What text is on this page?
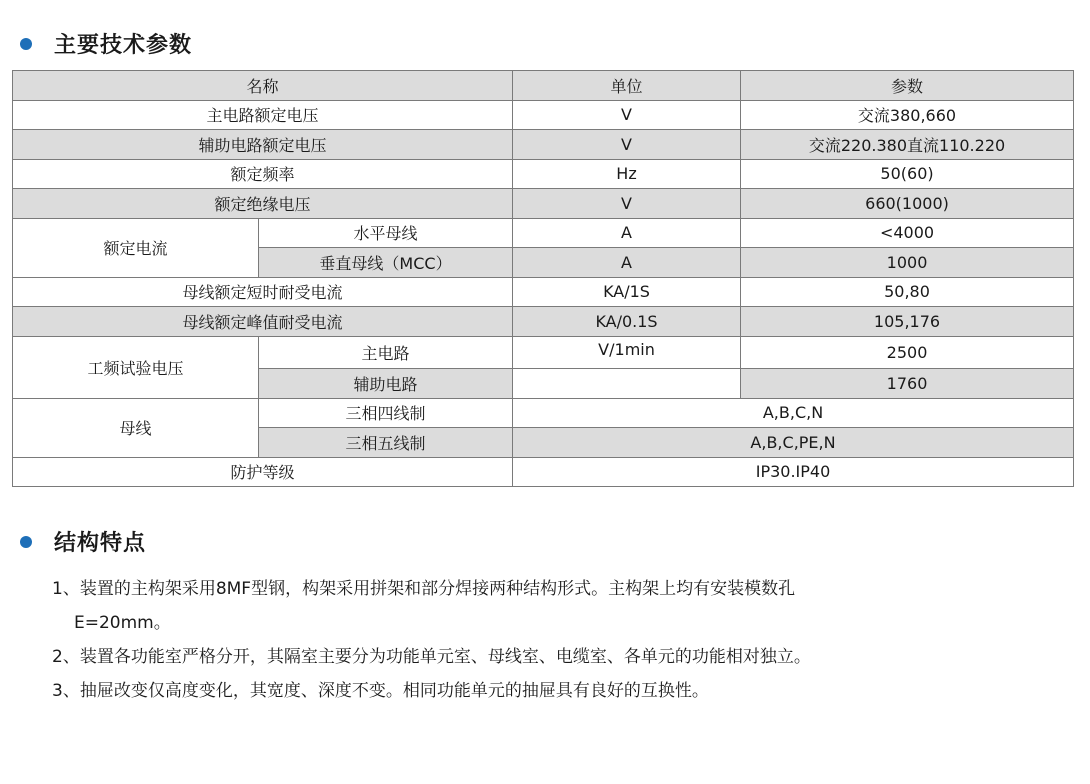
主要技术参数
名称		单位	参数
主电路额定电压		V	交流380,660
辅助电路额定电压		V	交流220.380直流110.220
额定频率		Hz	50(60)
额定绝缘电压		V	660(1000)
额定电流	水平母线	A	<4000
	垂直母线（MCC）	A	1000
母线额定短时耐受电流		KA/1S	50,80
母线额定峰值耐受电流		KA/0.1S	105,176
工频试验电压	主电路	V/1min	2500
	辅助电路		1760
母线	三相四线制	A,B,C,N	
	三相五线制	A,B,C,PE,N	
防护等级		IP30.IP40	
结构特点
1、装置的主构架采用8MF型钢，构架采用拼架和部分焊接两种结构形式。主构架上均有安装模数孔
E=20mm。
2、装置各功能室严格分开，其隔室主要分为功能单元室、母线室、电缆室、各单元的功能相对独立。
3、抽屉改变仅高度变化，其宽度、深度不变。相同功能单元的抽屉具有良好的互换性。
